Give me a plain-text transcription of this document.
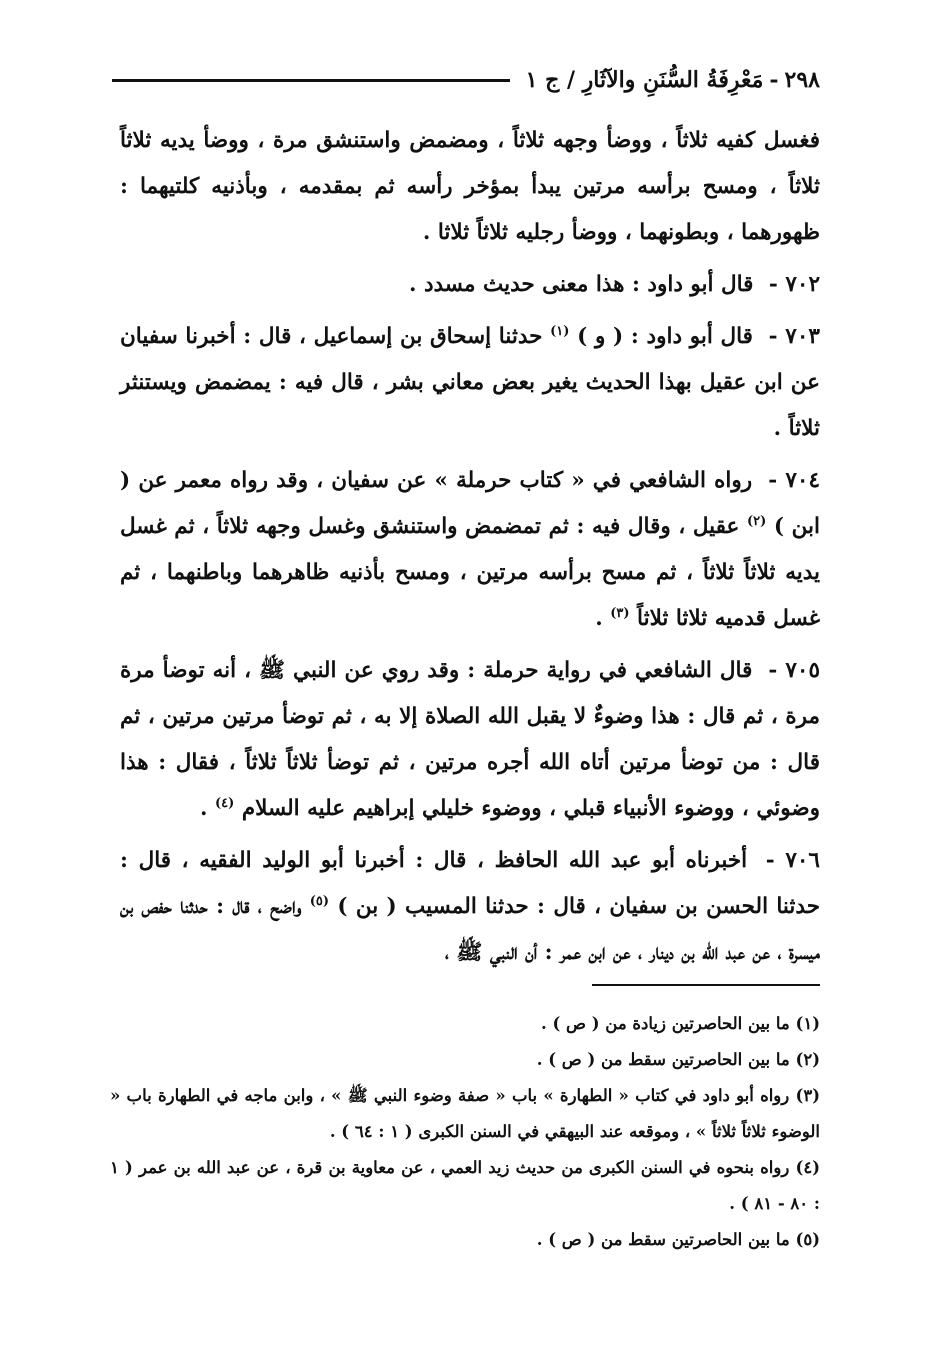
٢٩٨
-
مَعْرِفَةُ السُّنَنِ والآثَارِ / ج ١

فغسل كفيه ثلاثاً ، ووضأ وجهه ثلاثاً ، ومضمض واستنشق مرة ، ووضأ يديه ثلاثاً ثلاثاً ، ومسح برأسه مرتين يبدأ بمؤخر رأسه ثم بمقدمه ، وبأذنيه كلتيهما : ظهورهما ، وبطونهما ، ووضأ رجليه ثلاثاً ثلاثا .

٧٠٢ - قال أبو داود : هذا معنى حديث مسدد .

٧٠٣ - قال أبو داود : ( و ) $^{(١)}$ حدثنا إسحاق بن إسماعيل ، قال : أخبرنا سفيان عن ابن عقيل بهذا الحديث يغير بعض معاني بشر ، قال فيه : يمضمض ويستنثر ثلاثاً .

٧٠٤ - رواه الشافعي في « كتاب حرملة » عن سفيان ، وقد رواه معمر عن ( ابن ) $^{(٢)}$ عقيل ، وقال فيه : ثم تمضمض واستنشق وغسل وجهه ثلاثاً ، ثم غسل يديه ثلاثاً ثلاثاً ، ثم مسح برأسه مرتين ، ومسح بأذنيه ظاهرهما وباطنهما ، ثم غسل قدميه ثلاثا ثلاثاً $^{(٣)}$ .

٧٠٥ - قال الشافعي في رواية حرملة : وقد روي عن النبي ﷺ ، أنه توضأ مرة مرة ، ثم قال : هذا وضوءٌ لا يقبل الله الصلاة إلا به ، ثم توضأ مرتين مرتين ، ثم قال : من توضأ مرتين أتاه الله أجره مرتين ، ثم توضأ ثلاثاً ثلاثاً ، فقال : هذا وضوئي ، ووضوء الأنبياء قبلي ، ووضوء خليلي إبراهيم عليه السلام $^{(٤)}$ .

٧٠٦ - أخبرناه أبو عبد الله الحافظ ، قال : أخبرنا أبو الوليد الفقيه ، قال : حدثنا الحسن بن سفيان ، قال : حدثنا المسيب ( بن ) $^{(٥)}$ واضح ، قال : حدثنا حفص بن ميسرة ، عن عبد الله بن دينار ، عن ابن عمر : أن النبي ﷺ ،

(١) ما بين الحاصرتين زيادة من ( ص ) .

(٢) ما بين الحاصرتين سقط من ( ص ) .

(٣) رواه أبو داود في كتاب « الطهارة » باب « صفة وضوء النبي ﷺ » ، وابن ماجه في الطهارة باب « الوضوء ثلاثاً ثلاثاً » ، وموقعه عند البيهقي في السنن الكبرى ( ١ : ٦٤ ) .

(٤) رواه بنحوه في السنن الكبرى من حديث زيد العمي ، عن معاوية بن قرة ، عن عبد الله بن عمر ( ١ : ٨٠ - ٨١ ) .

(٥) ما بين الحاصرتين سقط من ( ص ) .
